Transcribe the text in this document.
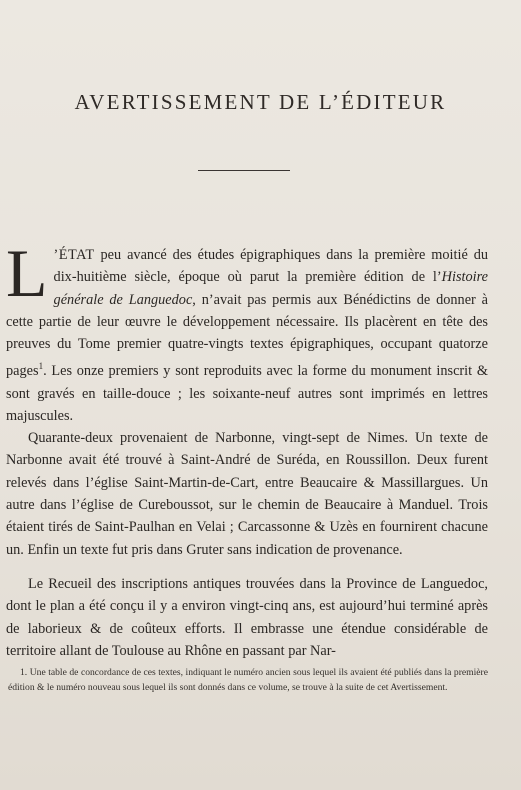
AVERTISSEMENT DE L’ÉDITEUR

L ’ÉTAT peu avancé des études épigraphiques dans la première moitié du dix-huitième siècle, époque où parut la première édition de l’Histoire générale de Languedoc, n’avait pas permis aux Bénédictins de donner à cette partie de leur œuvre le développement nécessaire. Ils placèrent en tête des preuves du Tome premier quatre-vingts textes épigraphiques, occupant quatorze pages$^1$. Les onze premiers y sont reproduits avec la forme du monument inscrit & sont gravés en taille-douce ; les soixante-neuf autres sont imprimés en lettres majuscules.

Quarante-deux provenaient de Narbonne, vingt-sept de Nimes. Un texte de Narbonne avait été trouvé à Saint-André de Suréda, en Roussillon. Deux furent relevés dans l’église Saint-Martin-de-Cart, entre Beaucaire & Massillargues. Un autre dans l’église de Cureboussot, sur le chemin de Beaucaire à Manduel. Trois étaient tirés de Saint-Paulhan en Velai ; Carcassonne & Uzès en fournirent chacune un. Enfin un texte fut pris dans Gruter sans indication de provenance.

Le Recueil des inscriptions antiques trouvées dans la Province de Languedoc, dont le plan a été conçu il y a environ vingt-cinq ans, est aujourd’hui terminé après de laborieux & de coûteux efforts. Il embrasse une étendue considérable de territoire allant de Toulouse au Rhône en passant par Nar-

1. Une table de concordance de ces textes, indiquant le numéro ancien sous lequel ils avaient été publiés dans la première édition & le numéro nouveau sous lequel ils sont donnés dans ce volume, se trouve à la suite de cet Avertissement.
